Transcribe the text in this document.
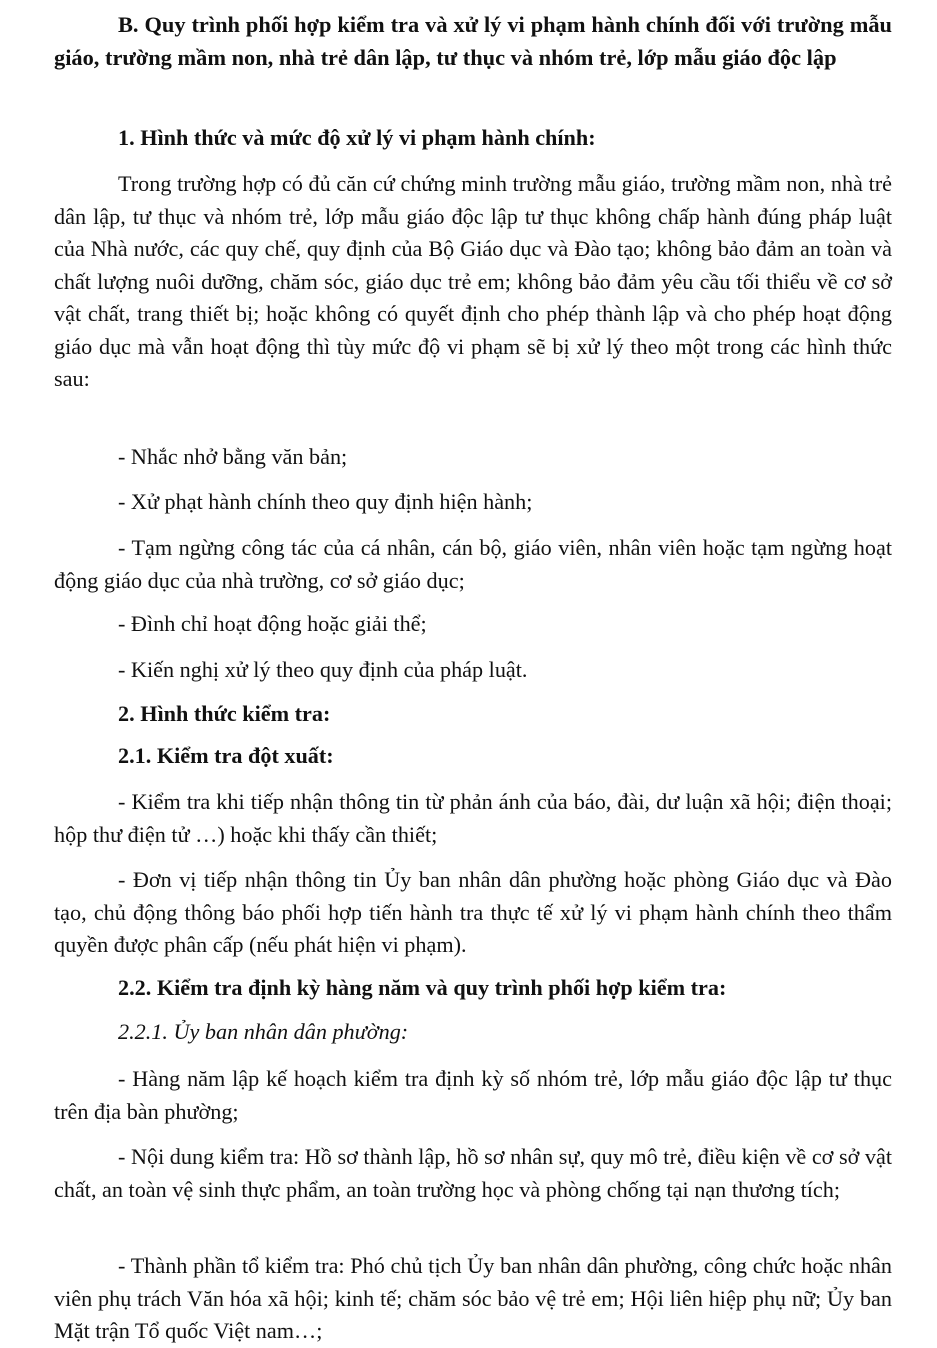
B. Quy trình phối hợp kiểm tra và xử lý vi phạm hành chính đối với trường mẫu giáo, trường mầm non, nhà trẻ dân lập, tư thục và nhóm trẻ, lớp mẫu giáo độc lập

1. Hình thức và mức độ xử lý vi phạm hành chính:

Trong trường hợp có đủ căn cứ chứng minh trường mẫu giáo, trường mầm non, nhà trẻ dân lập, tư thục và nhóm trẻ, lớp mẫu giáo độc lập tư thục không chấp hành đúng pháp luật của Nhà nước, các quy chế, quy định của Bộ Giáo dục và Đào tạo; không bảo đảm an toàn và chất lượng nuôi dưỡng, chăm sóc, giáo dục trẻ em; không bảo đảm yêu cầu tối thiểu về cơ sở vật chất, trang thiết bị; hoặc không có quyết định cho phép thành lập và cho phép hoạt động giáo dục mà vẫn hoạt động thì tùy mức độ vi phạm sẽ bị xử lý theo một trong các hình thức sau:

- Nhắc nhở bằng văn bản;

- Xử phạt hành chính theo quy định hiện hành;

- Tạm ngừng công tác của cá nhân, cán bộ, giáo viên, nhân viên hoặc tạm ngừng hoạt động giáo dục của nhà trường, cơ sở giáo dục;

- Đình chỉ hoạt động hoặc giải thể;

- Kiến nghị xử lý theo quy định của pháp luật.

2. Hình thức kiểm tra:

2.1. Kiểm tra đột xuất:

- Kiểm tra khi tiếp nhận thông tin từ phản ánh của báo, đài, dư luận xã hội; điện thoại; hộp thư điện tử …) hoặc khi thấy cần thiết;

- Đơn vị tiếp nhận thông tin Ủy ban nhân dân phường hoặc phòng Giáo dục và Đào tạo, chủ động thông báo phối hợp tiến hành tra thực tế xử lý vi phạm hành chính theo thẩm quyền được phân cấp (nếu phát hiện vi phạm).

2.2. Kiểm tra định kỳ hàng năm và quy trình phối hợp kiểm tra:

2.2.1. Ủy ban nhân dân phường:

- Hàng năm lập kế hoạch kiểm tra định kỳ số nhóm trẻ, lớp mẫu giáo độc lập tư thục trên địa bàn phường;

- Nội dung kiểm tra: Hồ sơ thành lập, hồ sơ nhân sự, quy mô trẻ, điều kiện về cơ sở vật chất, an toàn vệ sinh thực phẩm, an toàn trường học và phòng chống tại nạn thương tích;

- Thành phần tổ kiểm tra: Phó chủ tịch Ủy ban nhân dân phường, công chức hoặc nhân viên phụ trách Văn hóa xã hội; kinh tế; chăm sóc bảo vệ trẻ em; Hội liên hiệp phụ nữ; Ủy ban Mặt trận Tổ quốc Việt nam…;
